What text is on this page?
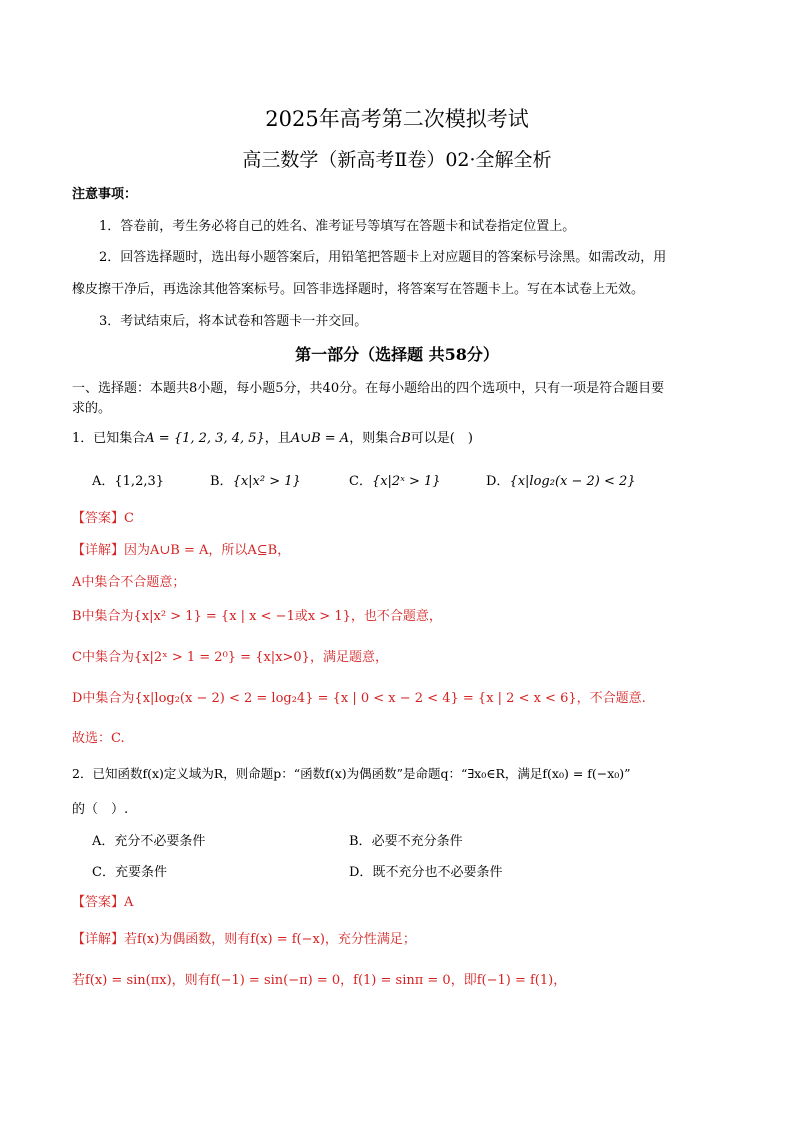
2025年高考第二次模拟考试
高三数学（新高考Ⅱ卷）02·全解全析
注意事项：
1．答卷前，考生务必将自己的姓名、准考证号等填写在答题卡和试卷指定位置上。
2．回答选择题时，选出每小题答案后，用铅笔把答题卡上对应题目的答案标号涂黑。如需改动，用
橡皮擦干净后，再选涂其他答案标号。回答非选择题时，将答案写在答题卡上。写在本试卷上无效。
3．考试结束后，将本试卷和答题卡一并交回。
第一部分（选择题 共58分）
一、选择题：本题共8小题，每小题5分，共40分。在每小题给出的四个选项中，只有一项是符合题目要
求的。
1．已知集合A = {1, 2, 3, 4, 5}，且A∪B = A，则集合B可以是(　)
A．{1,2,3}	B．{x|x² > 1}	C．{x|2ˣ > 1}	D．{x|log₂(x − 2) < 2}
【答案】C
【详解】因为A∪B = A，所以A⊆B，
A中集合不合题意；
B中集合为{x|x² > 1} = {x | x < −1或x > 1}，也不合题意，
C中集合为{x|2ˣ > 1 = 2⁰} = {x|x>0}，满足题意，
D中集合为{x|log₂(x − 2) < 2 = log₂4} = {x | 0 < x − 2 < 4} = {x | 2 < x < 6}，不合题意.
故选：C.
2．已知函数f(x)定义域为R，则命题p：“函数f(x)为偶函数”是命题q：“∃x₀∈R，满足f(x₀) = f(−x₀)”
的（　）.
A．充分不必要条件	B．必要不充分条件
C．充要条件	D．既不充分也不必要条件
【答案】A
【详解】若f(x)为偶函数，则有f(x) = f(−x)，充分性满足；
若f(x) = sin(πx)，则有f(−1) = sin(−π) = 0，f(1) = sinπ = 0，即f(−1) = f(1)，
